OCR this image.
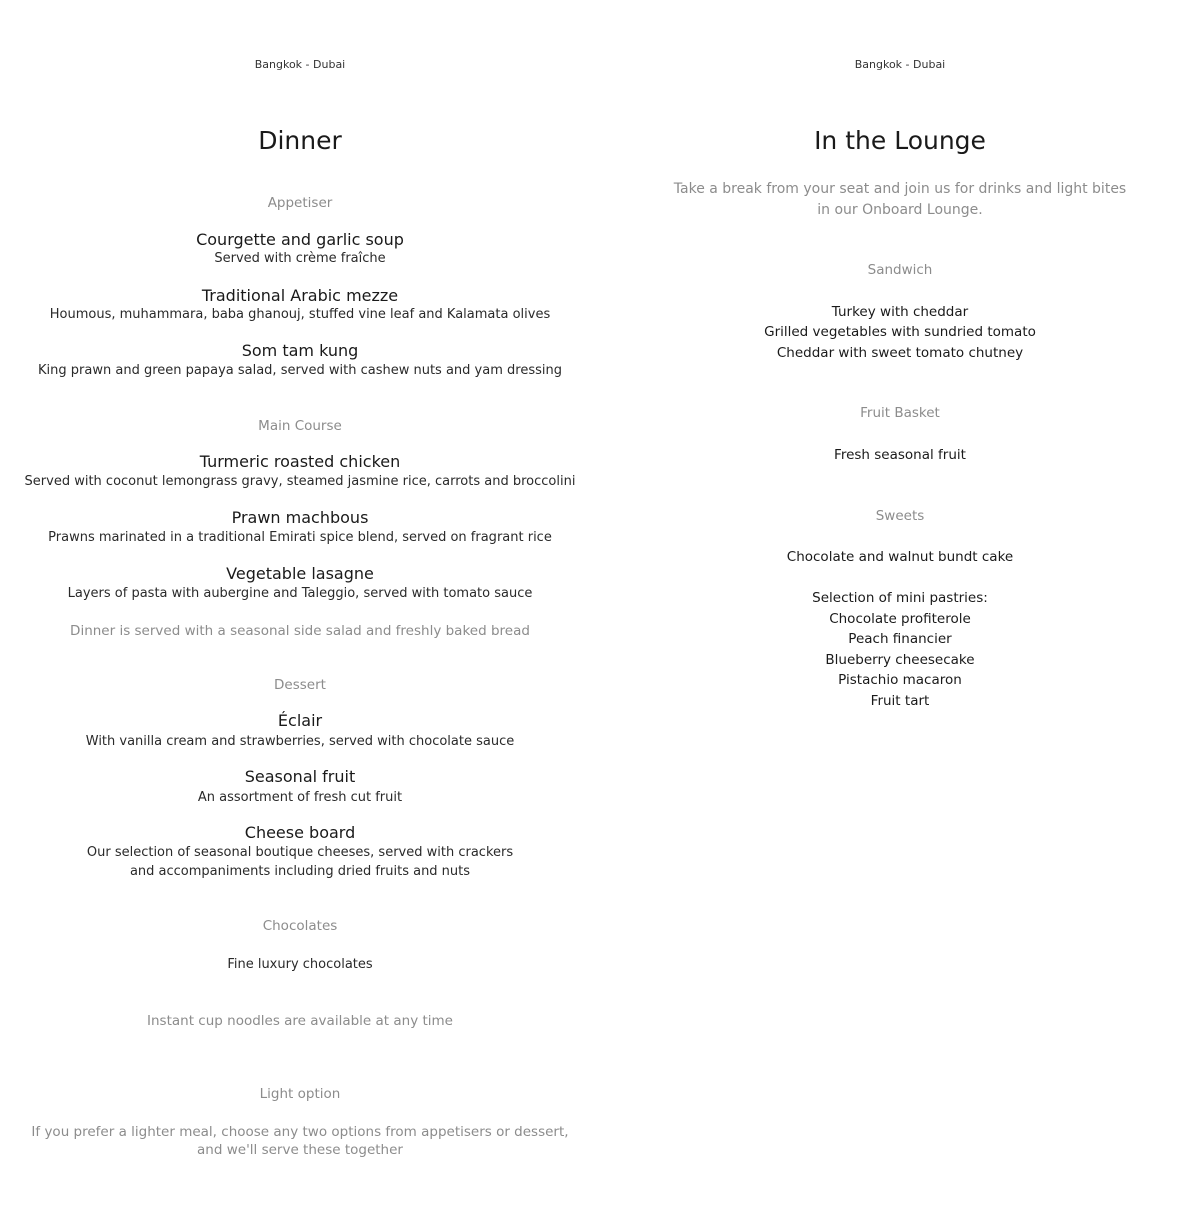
Bangkok - Dubai
Dinner
Appetiser
Courgette and garlic soup
Served with crème fraîche
Traditional Arabic mezze
Houmous, muhammara, baba ghanouj, stuffed vine leaf and Kalamata olives
Som tam kung
King prawn and green papaya salad, served with cashew nuts and yam dressing
Main Course
Turmeric roasted chicken
Served with coconut lemongrass gravy, steamed jasmine rice, carrots and broccolini
Prawn machbous
Prawns marinated in a traditional Emirati spice blend, served on fragrant rice
Vegetable lasagne
Layers of pasta with aubergine and Taleggio, served with tomato sauce
Dinner is served with a seasonal side salad and freshly baked bread
Dessert
Éclair
With vanilla cream and strawberries, served with chocolate sauce
Seasonal fruit
An assortment of fresh cut fruit
Cheese board
Our selection of seasonal boutique cheeses, served with crackers
and accompaniments including dried fruits and nuts
Chocolates
Fine luxury chocolates
Instant cup noodles are available at any time
Light option
If you prefer a lighter meal, choose any two options from appetisers or dessert,
and we'll serve these together
Bangkok - Dubai
In the Lounge
Take a break from your seat and join us for drinks and light bites
in our Onboard Lounge.
Sandwich
Turkey with cheddar
Grilled vegetables with sundried tomato
Cheddar with sweet tomato chutney
Fruit Basket
Fresh seasonal fruit
Sweets
Chocolate and walnut bundt cake
Selection of mini pastries:
Chocolate profiterole
Peach financier
Blueberry cheesecake
Pistachio macaron
Fruit tart
